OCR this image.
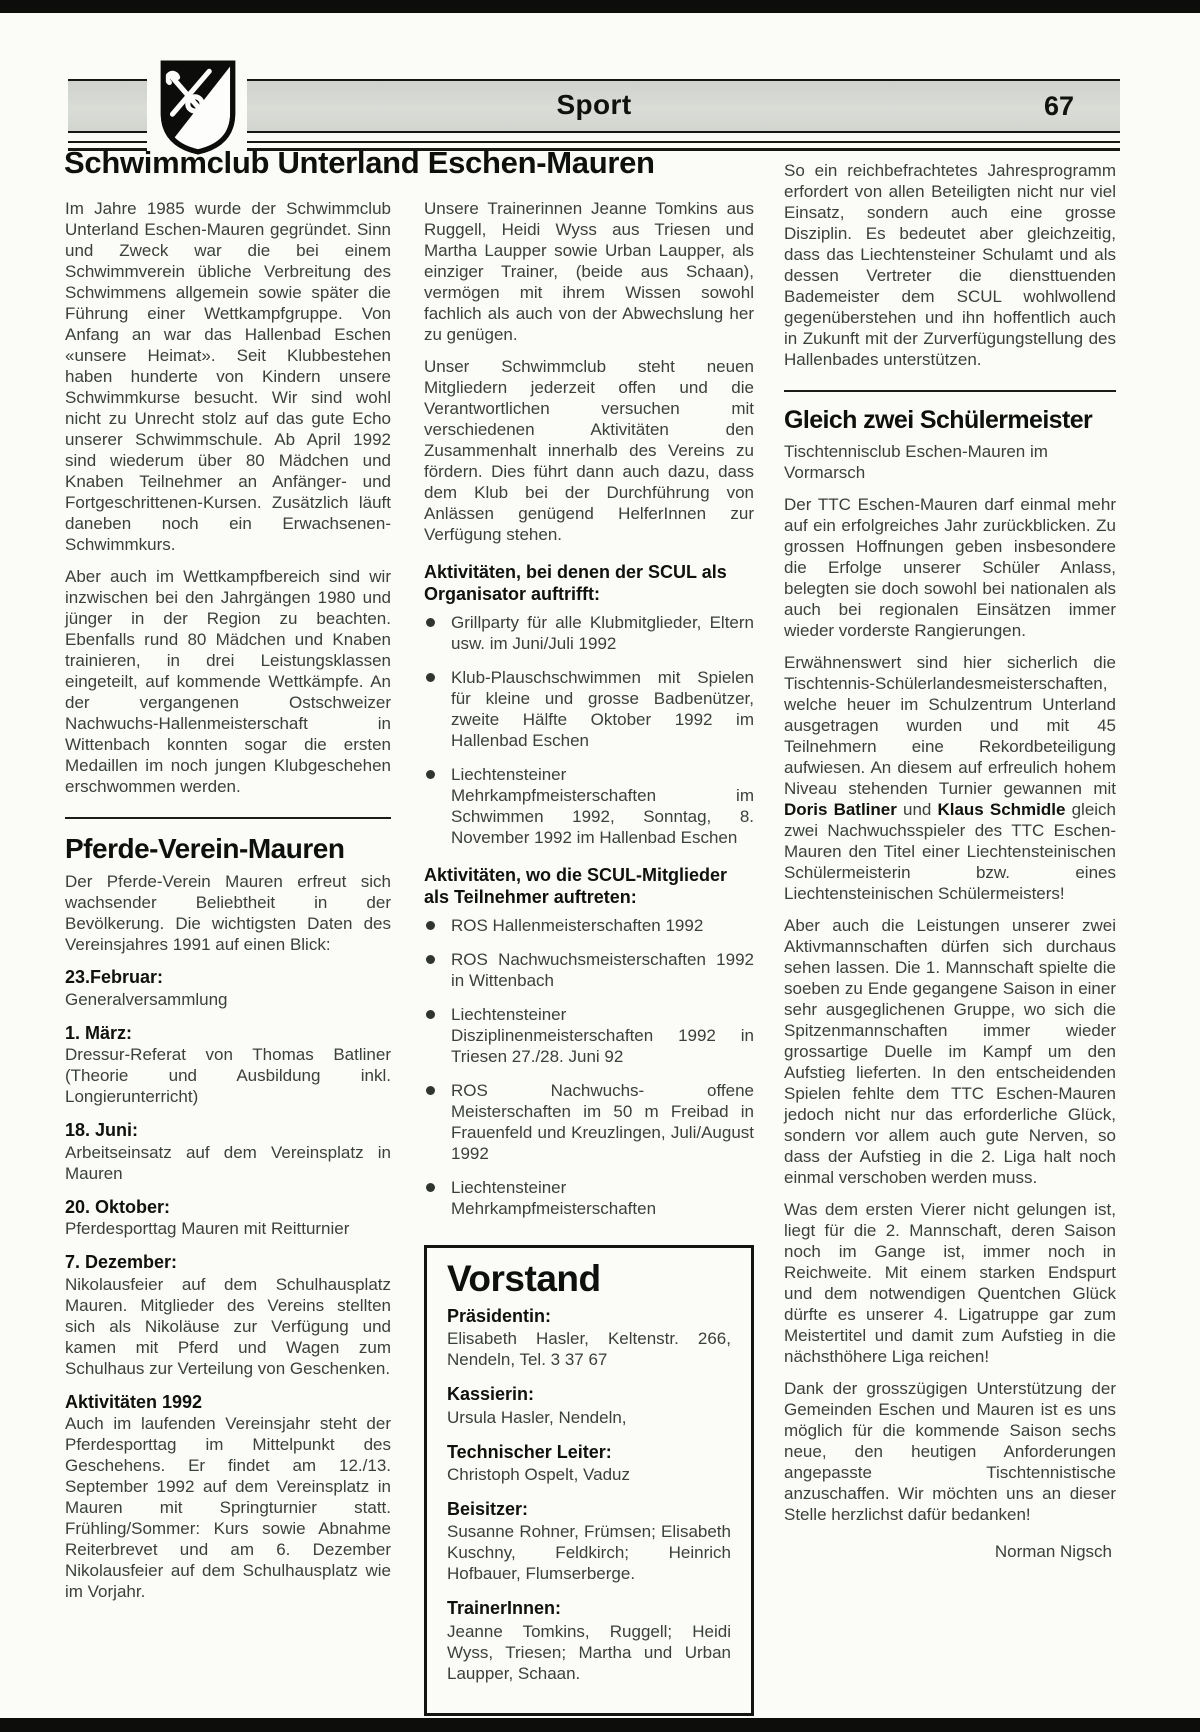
Sport	67
Schwimmclub Unterland Eschen-Mauren

Im Jahre 1985 wurde der Schwimmclub Unterland Eschen-Mauren gegründet. Sinn und Zweck war die bei einem Schwimmverein übliche Verbreitung des Schwimmens allgemein sowie später die Führung einer Wettkampfgruppe. Von Anfang an war das Hallenbad Eschen «unsere Heimat». Seit Klubbestehen haben hunderte von Kindern unsere Schwimmkurse besucht. Wir sind wohl nicht zu Unrecht stolz auf das gute Echo unserer Schwimmschule. Ab April 1992 sind wiederum über 80 Mädchen und Knaben Teilnehmer an Anfänger- und Fortgeschrittenen-Kursen. Zusätzlich läuft daneben noch ein Erwachsenen-Schwimmkurs.

Aber auch im Wettkampfbereich sind wir inzwischen bei den Jahrgängen 1980 und jünger in der Region zu beachten. Ebenfalls rund 80 Mädchen und Knaben trainieren, in drei Leistungsklassen eingeteilt, auf kommende Wettkämpfe. An der vergangenen Ostschweizer Nachwuchs-Hallenmeisterschaft in Wittenbach konnten sogar die ersten Medaillen im noch jungen Klubgeschehen erschwommen werden.

Pferde-Verein-Mauren

Der Pferde-Verein Mauren erfreut sich wachsender Beliebtheit in der Bevölkerung. Die wichtigsten Daten des Vereinsjahres 1991 auf einen Blick:

23.Februar:
Generalversammlung
1. März:
Dressur-Referat von Thomas Batliner (Theorie und Ausbildung inkl. Longierunterricht)
18. Juni:
Arbeitseinsatz auf dem Vereinsplatz in Mauren
20. Oktober:
Pferdesporttag Mauren mit Reitturnier
7. Dezember:
Nikolausfeier auf dem Schulhausplatz Mauren. Mitglieder des Vereins stellten sich als Nikoläuse zur Verfügung und kamen mit Pferd und Wagen zum Schulhaus zur Verteilung von Geschenken.
Aktivitäten 1992
Auch im laufenden Vereinsjahr steht der Pferdesporttag im Mittelpunkt des Geschehens. Er findet am 12./13. September 1992 auf dem Vereinsplatz in Mauren mit Springturnier statt. Frühling/Sommer: Kurs sowie Abnahme Reiterbrevet und am 6. Dezember Nikolausfeier auf dem Schulhausplatz wie im Vorjahr.

Unsere Trainerinnen Jeanne Tomkins aus Ruggell, Heidi Wyss aus Triesen und Martha Laupper sowie Urban Laupper, als einziger Trainer, (beide aus Schaan), vermögen mit ihrem Wissen sowohl fachlich als auch von der Abwechslung her zu genügen.

Unser Schwimmclub steht neuen Mitgliedern jederzeit offen und die Verantwortlichen versuchen mit verschiedenen Aktivitäten den Zusammenhalt innerhalb des Vereins zu fördern. Dies führt dann auch dazu, dass dem Klub bei der Durchführung von Anlässen genügend HelferInnen zur Verfügung stehen.

Aktivitäten, bei denen der SCUL als Organisator auftrifft:
Grillparty für alle Klubmitglieder, Eltern usw. im Juni/Juli 1992
Klub-Plauschschwimmen mit Spielen für kleine und grosse Badbenützer, zweite Hälfte Oktober 1992 im Hallenbad Eschen
Liechtensteiner Mehrkampfmeisterschaften im Schwimmen 1992, Sonntag, 8. November 1992 im Hallenbad Eschen
Aktivitäten, wo die SCUL-Mitglieder als Teilnehmer auftreten:
ROS Hallenmeisterschaften 1992
ROS Nachwuchsmeisterschaften 1992 in Wittenbach
Liechtensteiner Disziplinenmeisterschaften 1992 in Triesen 27./28. Juni 92
ROS Nachwuchs- offene Meisterschaften im 50 m Freibad in Frauenfeld und Kreuzlingen, Juli/August 1992
Liechtensteiner Mehrkampfmeisterschaften
Vorstand
Präsidentin:
Elisabeth Hasler, Keltenstr. 266, Nendeln, Tel. 3 37 67
Kassierin:
Ursula Hasler, Nendeln,
Technischer Leiter:
Christoph Ospelt, Vaduz
Beisitzer:
Susanne Rohner, Frümsen; Elisabeth Kuschny, Feldkirch; Heinrich Hofbauer, Flumserberge.
TrainerInnen:
Jeanne Tomkins, Ruggell; Heidi Wyss, Triesen; Martha und Urban Laupper, Schaan.

So ein reichbefrachtetes Jahresprogramm erfordert von allen Beteiligten nicht nur viel Einsatz, sondern auch eine grosse Disziplin. Es bedeutet aber gleichzeitig, dass das Liechtensteiner Schulamt und als dessen Vertreter die diensttuenden Bademeister dem SCUL wohlwollend gegenüberstehen und ihn hoffentlich auch in Zukunft mit der Zurverfügungstellung des Hallenbades unterstützen.

Gleich zwei Schülermeister

Tischtennisclub Eschen-Mauren im Vormarsch

Der TTC Eschen-Mauren darf einmal mehr auf ein erfolgreiches Jahr zurückblicken. Zu grossen Hoffnungen geben insbesondere die Erfolge unserer Schüler Anlass, belegten sie doch sowohl bei nationalen als auch bei regionalen Einsätzen immer wieder vorderste Rangierungen.

Erwähnenswert sind hier sicherlich die Tischtennis-Schülerlandesmeisterschaften, welche heuer im Schulzentrum Unterland ausgetragen wurden und mit 45 Teilnehmern eine Rekordbeteiligung aufwiesen. An diesem auf erfreulich hohem Niveau stehenden Turnier gewannen mit Doris Batliner und Klaus Schmidle gleich zwei Nachwuchsspieler des TTC Eschen-Mauren den Titel einer Liechtensteinischen Schülermeisterin bzw. eines Liechtensteinischen Schülermeisters!

Aber auch die Leistungen unserer zwei Aktivmannschaften dürfen sich durchaus sehen lassen. Die 1. Mannschaft spielte die soeben zu Ende gegangene Saison in einer sehr ausgeglichenen Gruppe, wo sich die Spitzenmannschaften immer wieder grossartige Duelle im Kampf um den Aufstieg lieferten. In den entscheidenden Spielen fehlte dem TTC Eschen-Mauren jedoch nicht nur das erforderliche Glück, sondern vor allem auch gute Nerven, so dass der Aufstieg in die 2. Liga halt noch einmal verschoben werden muss.

Was dem ersten Vierer nicht gelungen ist, liegt für die 2. Mannschaft, deren Saison noch im Gange ist, immer noch in Reichweite. Mit einem starken Endspurt und dem notwendigen Quentchen Glück dürfte es unserer 4. Ligatruppe gar zum Meistertitel und damit zum Aufstieg in die nächsthöhere Liga reichen!

Dank der grosszügigen Unterstützung der Gemeinden Eschen und Mauren ist es uns möglich für die kommende Saison sechs neue, den heutigen Anforderungen angepasste Tischtennistische anzuschaffen. Wir möchten uns an dieser Stelle herzlichst dafür bedanken!

Norman Nigsch
